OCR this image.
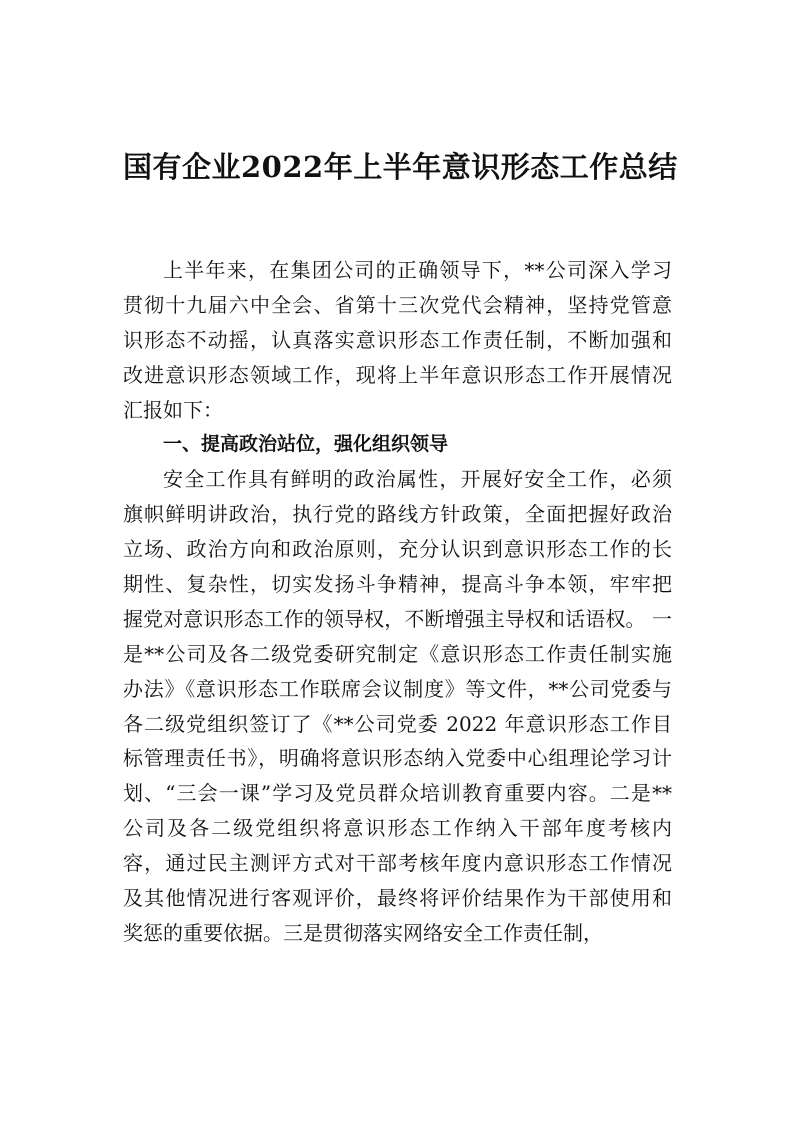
国有企业2022年上半年意识形态工作总结
上半年来，在集团公司的正确领导下，**公司深入学习
贯彻十九届六中全会、省第十三次党代会精神，坚持党管意
识形态不动摇，认真落实意识形态工作责任制，不断加强和
改进意识形态领域工作，现将上半年意识形态工作开展情况
汇报如下：
一、提高政治站位，强化组织领导
安全工作具有鲜明的政治属性，开展好安全工作，必须
旗帜鲜明讲政治，执行党的路线方针政策，全面把握好政治
立场、政治方向和政治原则，充分认识到意识形态工作的长
期性、复杂性，切实发扬斗争精神，提高斗争本领，牢牢把
握党对意识形态工作的领导权，不断增强主导权和话语权。 一
是**公司及各二级党委研究制定《意识形态工作责任制实施
办法》《意识形态工作联席会议制度》等文件，**公司党委与
各二级党组织签订了《**公司党委 2022 年意识形态工作目
标管理责任书》，明确将意识形态纳入党委中心组理论学习计
划、“三会一课”学习及党员群众培训教育重要内容。二是**
公司及各二级党组织将意识形态工作纳入干部年度考核内
容，通过民主测评方式对干部考核年度内意识形态工作情况
及其他情况进行客观评价，最终将评价结果作为干部使用和
奖惩的重要依据。三是贯彻落实网络安全工作责任制，
